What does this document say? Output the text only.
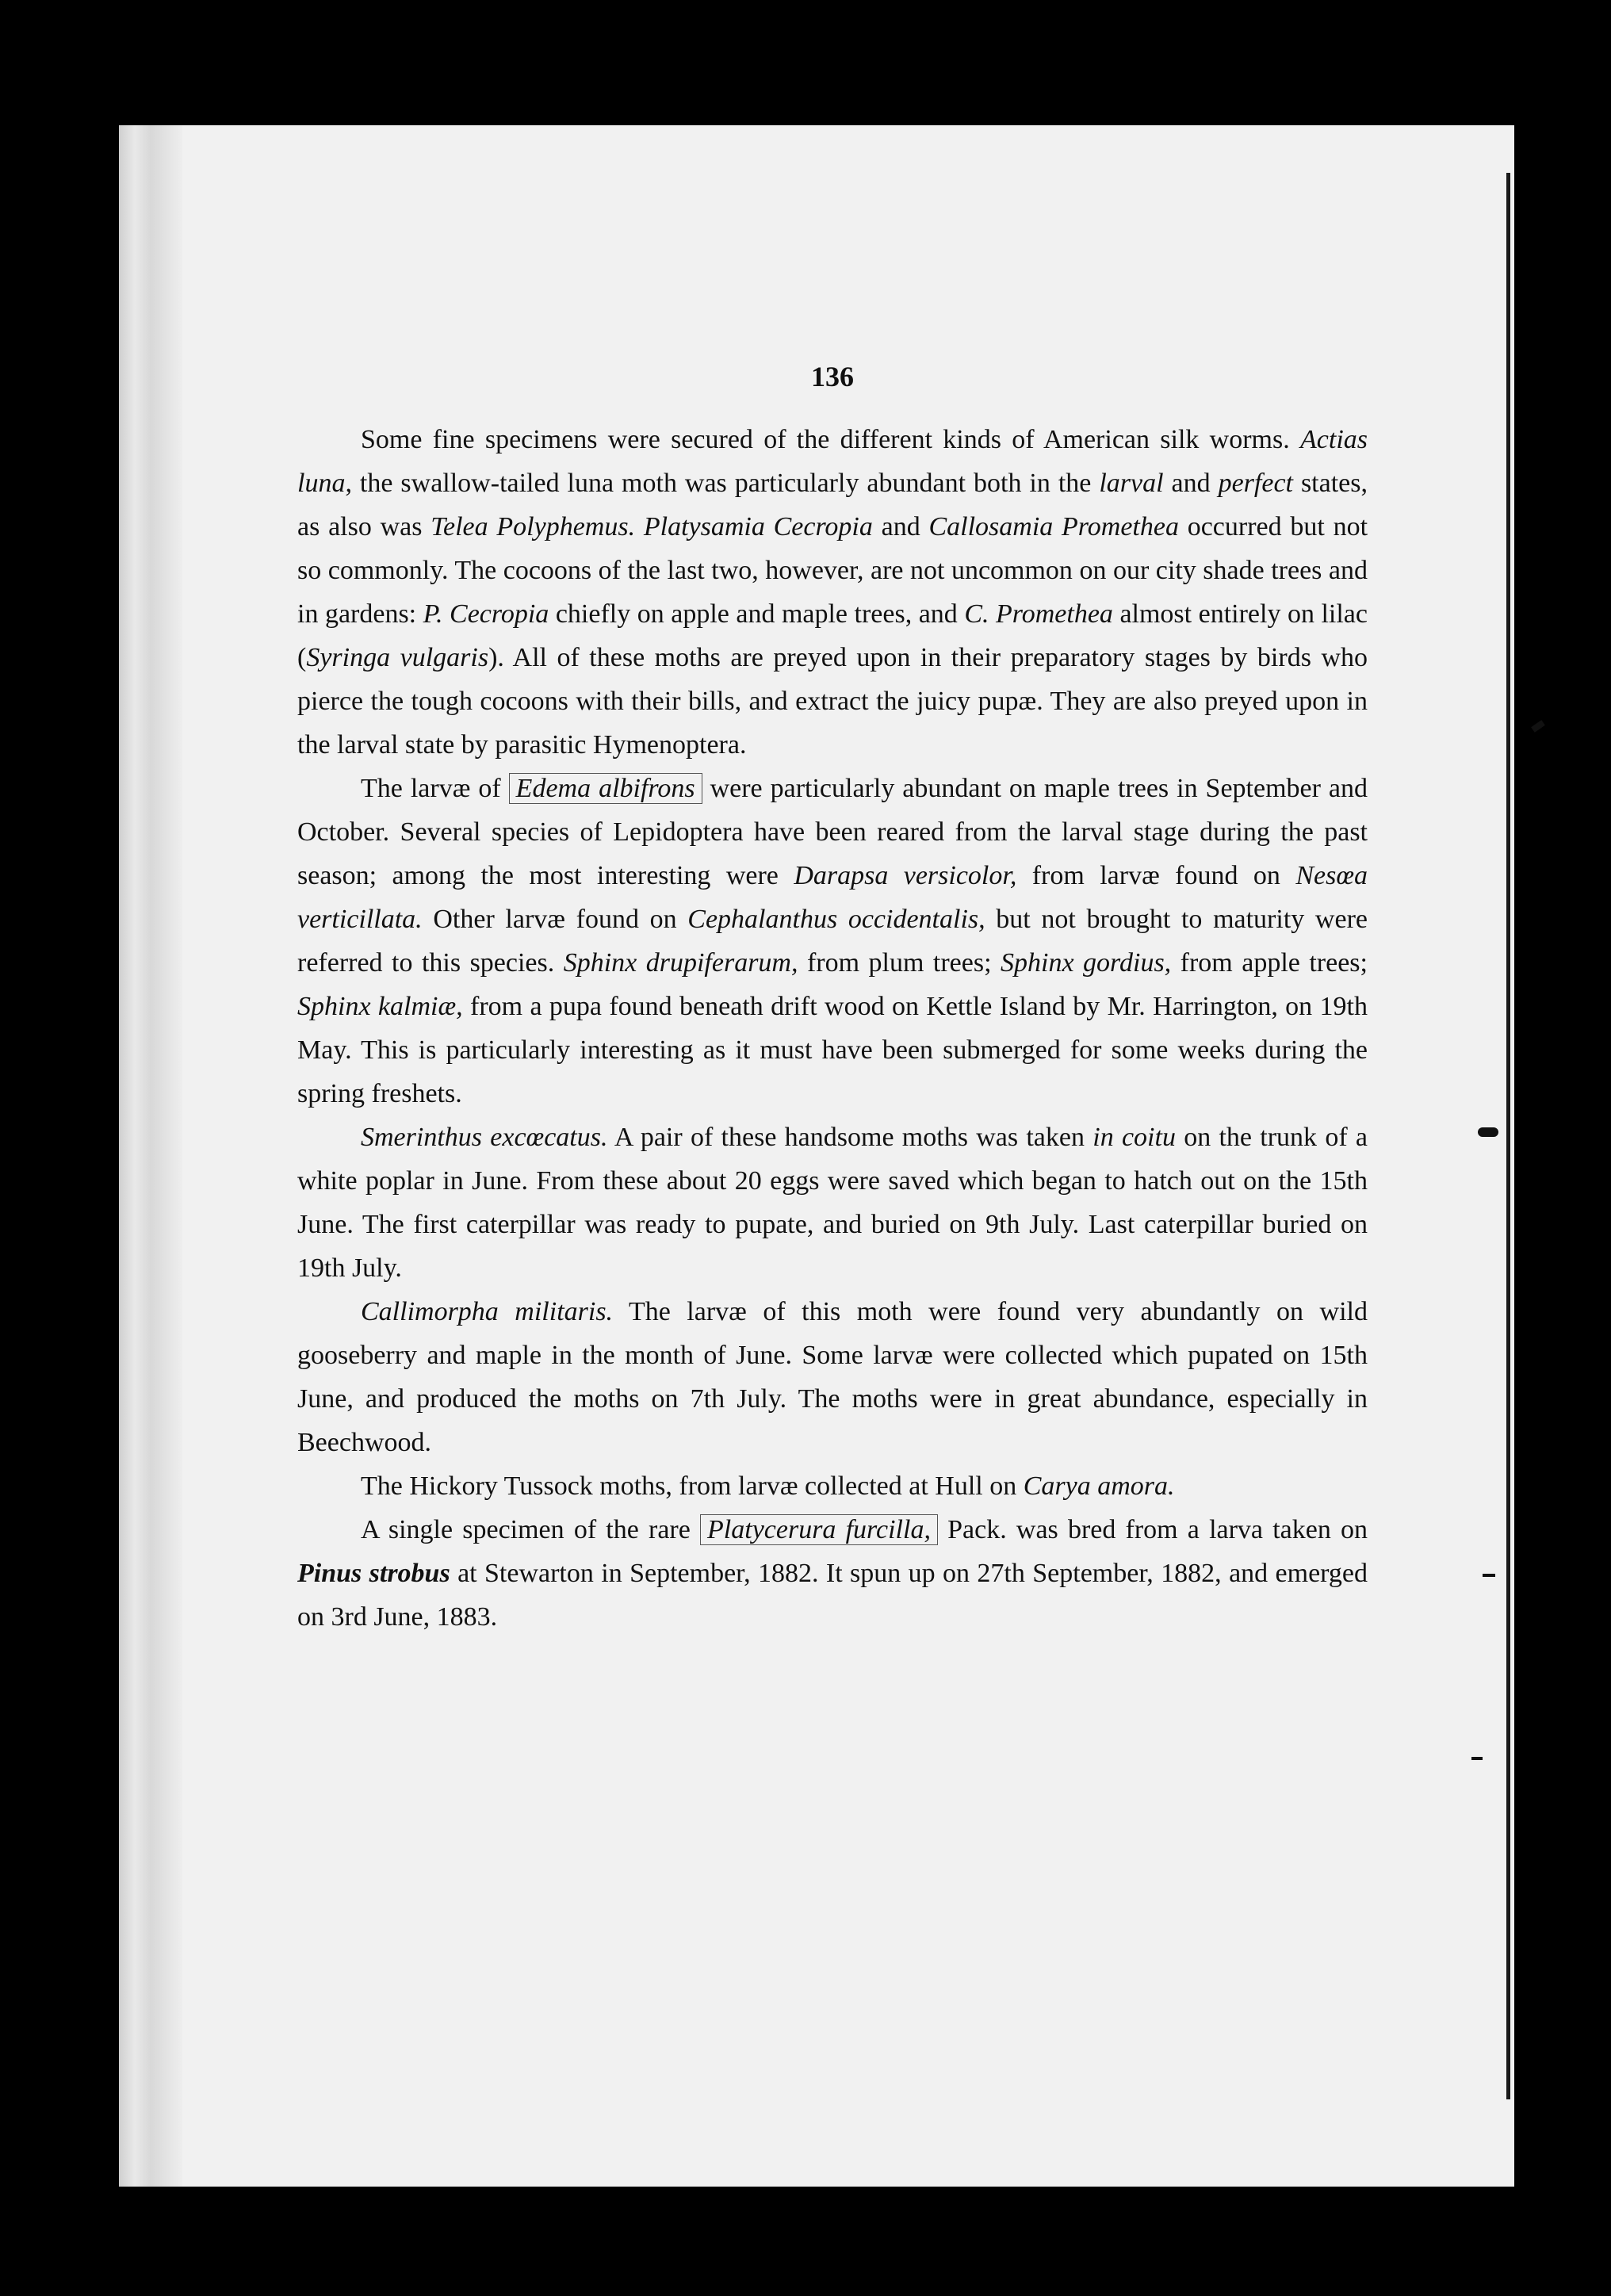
136

Some fine specimens were secured of the different kinds of American silk worms. Actias luna, the swallow-tailed luna moth was particularly abundant both in the larval and perfect states, as also was Telea Polyphemus. Platysamia Cecropia and Callosamia Promethea occurred but not so commonly. The cocoons of the last two, however, are not uncommon on our city shade trees and in gardens: P. Cecropia chiefly on apple and maple trees, and C. Promethea almost entirely on lilac (Syringa vulgaris). All of these moths are preyed upon in their preparatory stages by birds who pierce the tough cocoons with their bills, and extract the juicy pupæ. They are also preyed upon in the larval state by parasitic Hymenoptera.

The larvæ of Edema albifrons were particularly abundant on maple trees in September and October. Several species of Lepidoptera have been reared from the larval stage during the past season; among the most interesting were Darapsa versicolor, from larvæ found on Nesœa verticillata. Other larvæ found on Cephalanthus occidentalis, but not brought to maturity were referred to this species. Sphinx drupiferarum, from plum trees; Sphinx gordius, from apple trees; Sphinx kalmiæ, from a pupa found beneath drift wood on Kettle Island by Mr. Harrington, on 19th May. This is particularly interesting as it must have been submerged for some weeks during the spring freshets.

Smerinthus excœcatus. A pair of these handsome moths was taken in coitu on the trunk of a white poplar in June. From these about 20 eggs were saved which began to hatch out on the 15th June. The first caterpillar was ready to pupate, and buried on 9th July. Last caterpillar buried on 19th July.

Callimorpha militaris. The larvæ of this moth were found very abundantly on wild gooseberry and maple in the month of June. Some larvæ were collected which pupated on 15th June, and produced the moths on 7th July. The moths were in great abundance, especially in Beechwood.

The Hickory Tussock moths, from larvæ collected at Hull on Carya amora.

A single specimen of the rare Platycerura furcilla, Pack. was bred from a larva taken on Pinus strobus at Stewarton in September, 1882. It spun up on 27th September, 1882, and emerged on 3rd June, 1883.
